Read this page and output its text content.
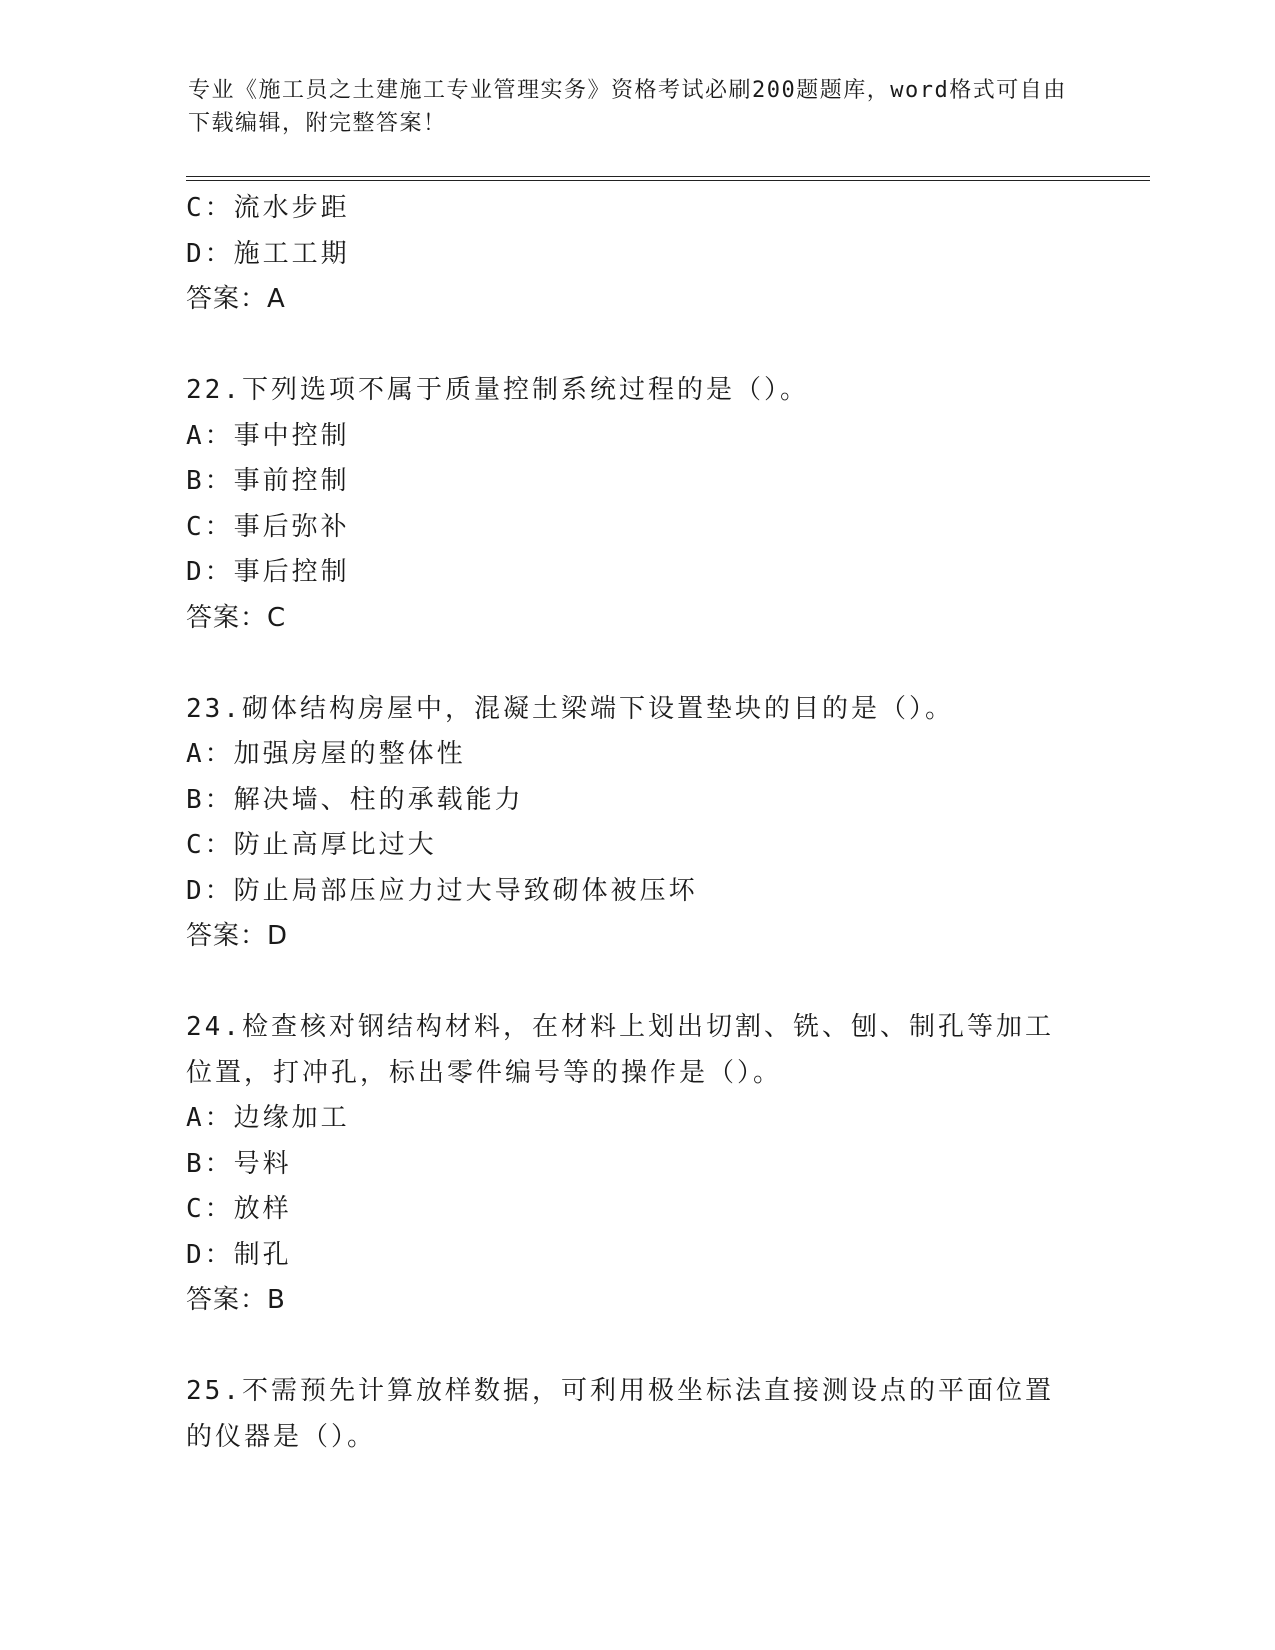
专业《施工员之土建施工专业管理实务》资格考试必刷200题题库，word格式可自由下载编辑，附完整答案！
C：流水步距
D：施工工期
答案：A
22.下列选项不属于质量控制系统过程的是（）。
A：事中控制
B：事前控制
C：事后弥补
D：事后控制
答案：C
23.砌体结构房屋中，混凝土梁端下设置垫块的目的是（）。
A：加强房屋的整体性
B：解决墙、柱的承载能力
C：防止高厚比过大
D：防止局部压应力过大导致砌体被压坏
答案：D
24.检查核对钢结构材料，在材料上划出切割、铣、刨、制孔等加工位置，打冲孔，标出零件编号等的操作是（）。
A：边缘加工
B：号料
C：放样
D：制孔
答案：B
25.不需预先计算放样数据，可利用极坐标法直接测设点的平面位置的仪器是（）。
